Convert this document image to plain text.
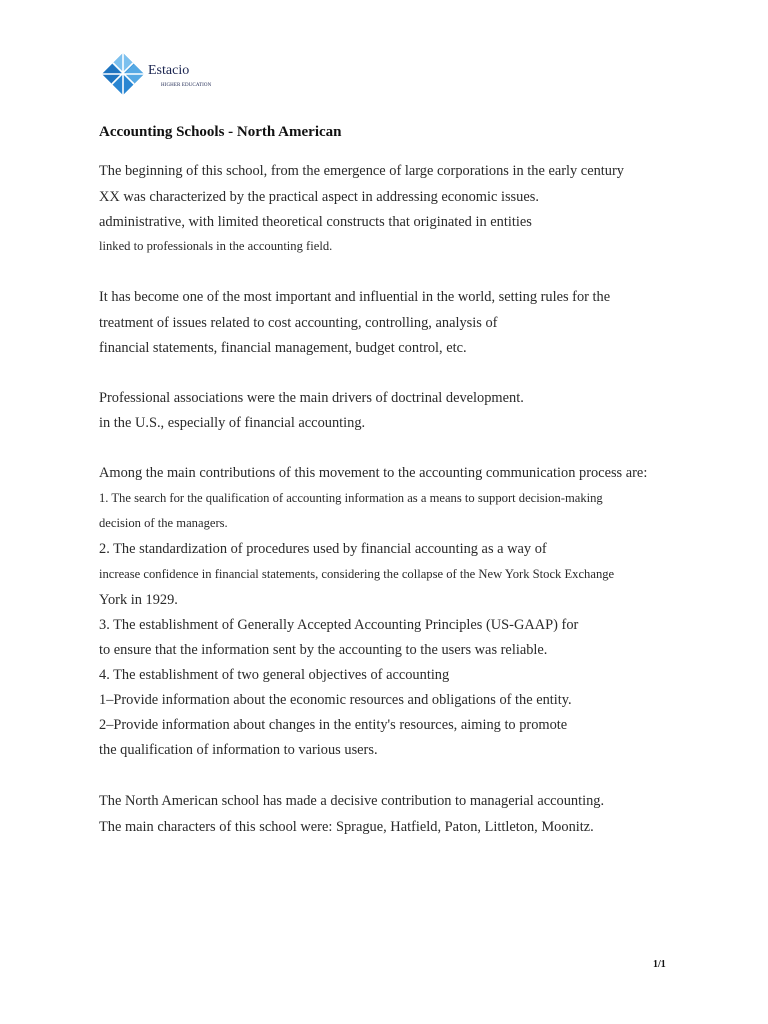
Estacio
HIGHER EDUCATION
Accounting Schools - North American
The beginning of this school, from the emergence of large corporations in the early century
XX was characterized by the practical aspect in addressing economic issues.
administrative, with limited theoretical constructs that originated in entities
linked to professionals in the accounting field.
It has become one of the most important and influential in the world, setting rules for the
treatment of issues related to cost accounting, controlling, analysis of
financial statements, financial management, budget control, etc.
Professional associations were the main drivers of doctrinal development.
in the U.S., especially of financial accounting.
Among the main contributions of this movement to the accounting communication process are:
1. The search for the qualification of accounting information as a means to support decision-making
decision of the managers.
2. The standardization of procedures used by financial accounting as a way of
increase confidence in financial statements, considering the collapse of the New York Stock Exchange
York in 1929.
3. The establishment of Generally Accepted Accounting Principles (US-GAAP) for
to ensure that the information sent by the accounting to the users was reliable.
4. The establishment of two general objectives of accounting
1–Provide information about the economic resources and obligations of the entity.
2–Provide information about changes in the entity's resources, aiming to promote
the qualification of information to various users.
The North American school has made a decisive contribution to managerial accounting.
The main characters of this school were: Sprague, Hatfield, Paton, Littleton, Moonitz.
1/1
